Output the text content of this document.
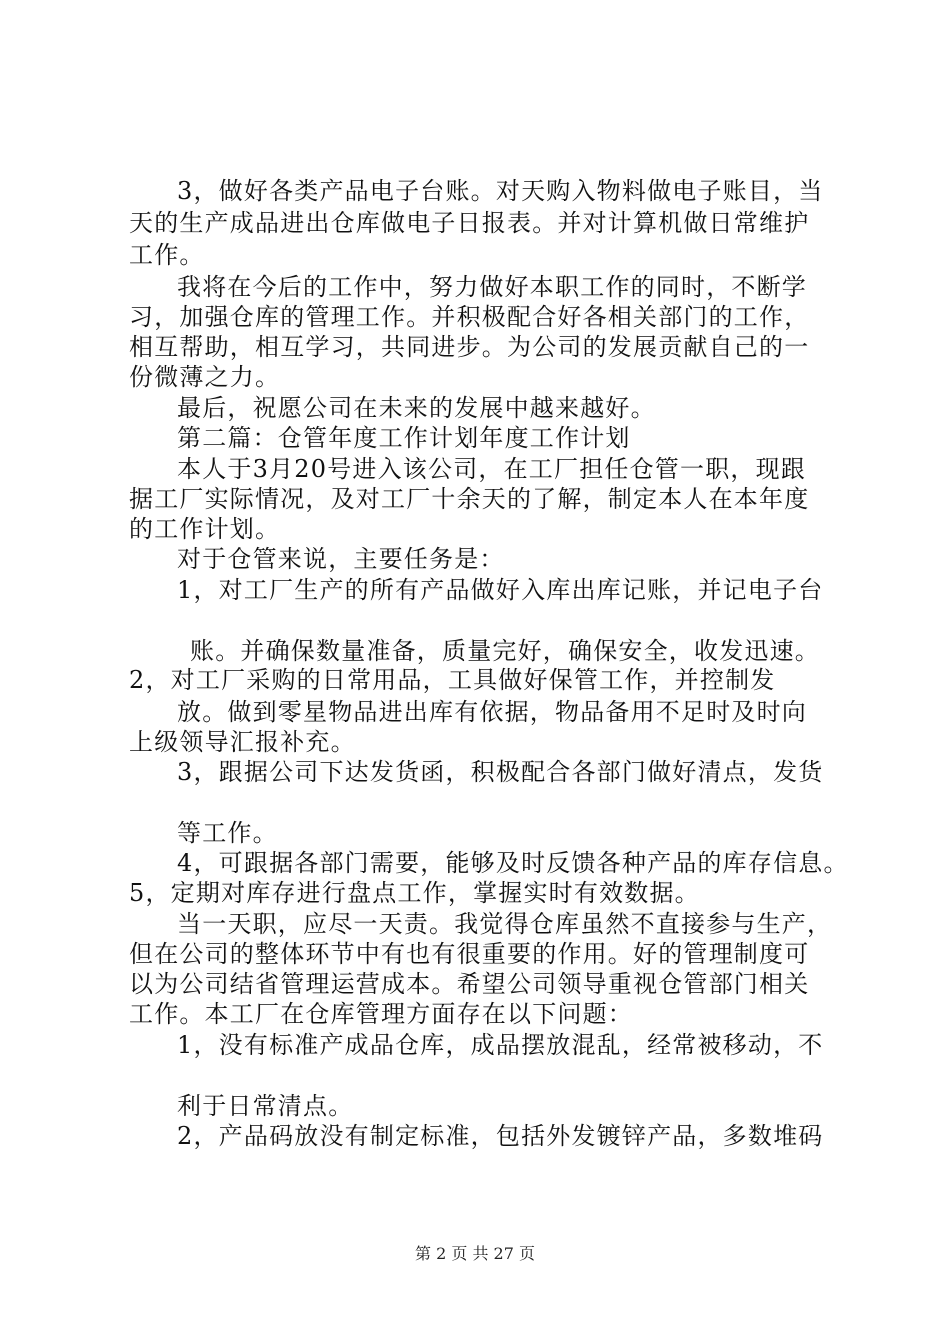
3，做好各类产品电子台账。对天购入物料做电子账目，当
天的生产成品进出仓库做电子日报表。并对计算机做日常维护
工作。
我将在今后的工作中，努力做好本职工作的同时，不断学
习，加强仓库的管理工作。并积极配合好各相关部门的工作，
相互帮助，相互学习，共同进步。为公司的发展贡献自己的一
份微薄之力。
最后，祝愿公司在未来的发展中越来越好。
第二篇：仓管年度工作计划年度工作计划
本人于3月20号进入该公司，在工厂担任仓管一职，现跟
据工厂实际情况，及对工厂十余天的了解，制定本人在本年度
的工作计划。
对于仓管来说，主要任务是：
1，对工厂生产的所有产品做好入库出库记账，并记电子台
账。并确保数量准备，质量完好，确保安全，收发迅速。
2，对工厂采购的日常用品，工具做好保管工作，并控制发
放。做到零星物品进出库有依据，物品备用不足时及时向
上级领导汇报补充。
3，跟据公司下达发货函，积极配合各部门做好清点，发货
等工作。
4，可跟据各部门需要，能够及时反馈各种产品的库存信息。
5，定期对库存进行盘点工作，掌握实时有效数据。
当一天职，应尽一天责。我觉得仓库虽然不直接参与生产，
但在公司的整体环节中有也有很重要的作用。好的管理制度可
以为公司结省管理运营成本。希望公司领导重视仓管部门相关
工作。本工厂在仓库管理方面存在以下问题：
1，没有标准产成品仓库，成品摆放混乱，经常被移动，不
利于日常清点。
2，产品码放没有制定标准，包括外发镀锌产品，多数堆码
第 2 页 共 27 页
